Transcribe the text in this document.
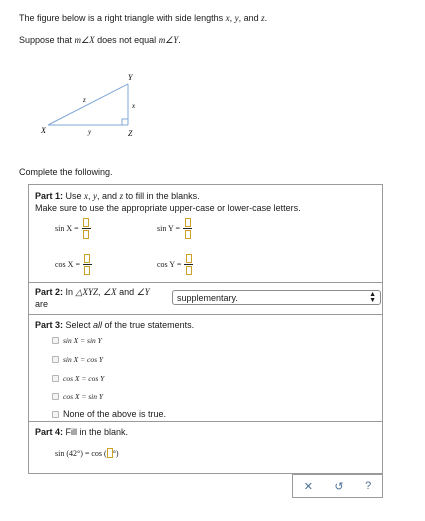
The figure below is a right triangle with side lengths x, y, and z.

Suppose that m∠X does not equal m∠Y.

X
Y
Z
z
y
x

Complete the following.

Part 1: Use x, y, and z to fill in the blanks.
Make sure to use the appropriate upper-case or lower-case letters.
sin X =	sin Y =
cos X =	cos Y =
Part 2: In △XYZ, ∠X and ∠Y
are
supplementary.	▲
▼
Part 3: Select all of the true statements.
sin X = sin Y
sin X = cos Y
cos X = cos Y
cos X = sin Y
None of the above is true.
Part 4: Fill in the blank.
sin (42°) = cos ( ° )
✕ ↺ ?
